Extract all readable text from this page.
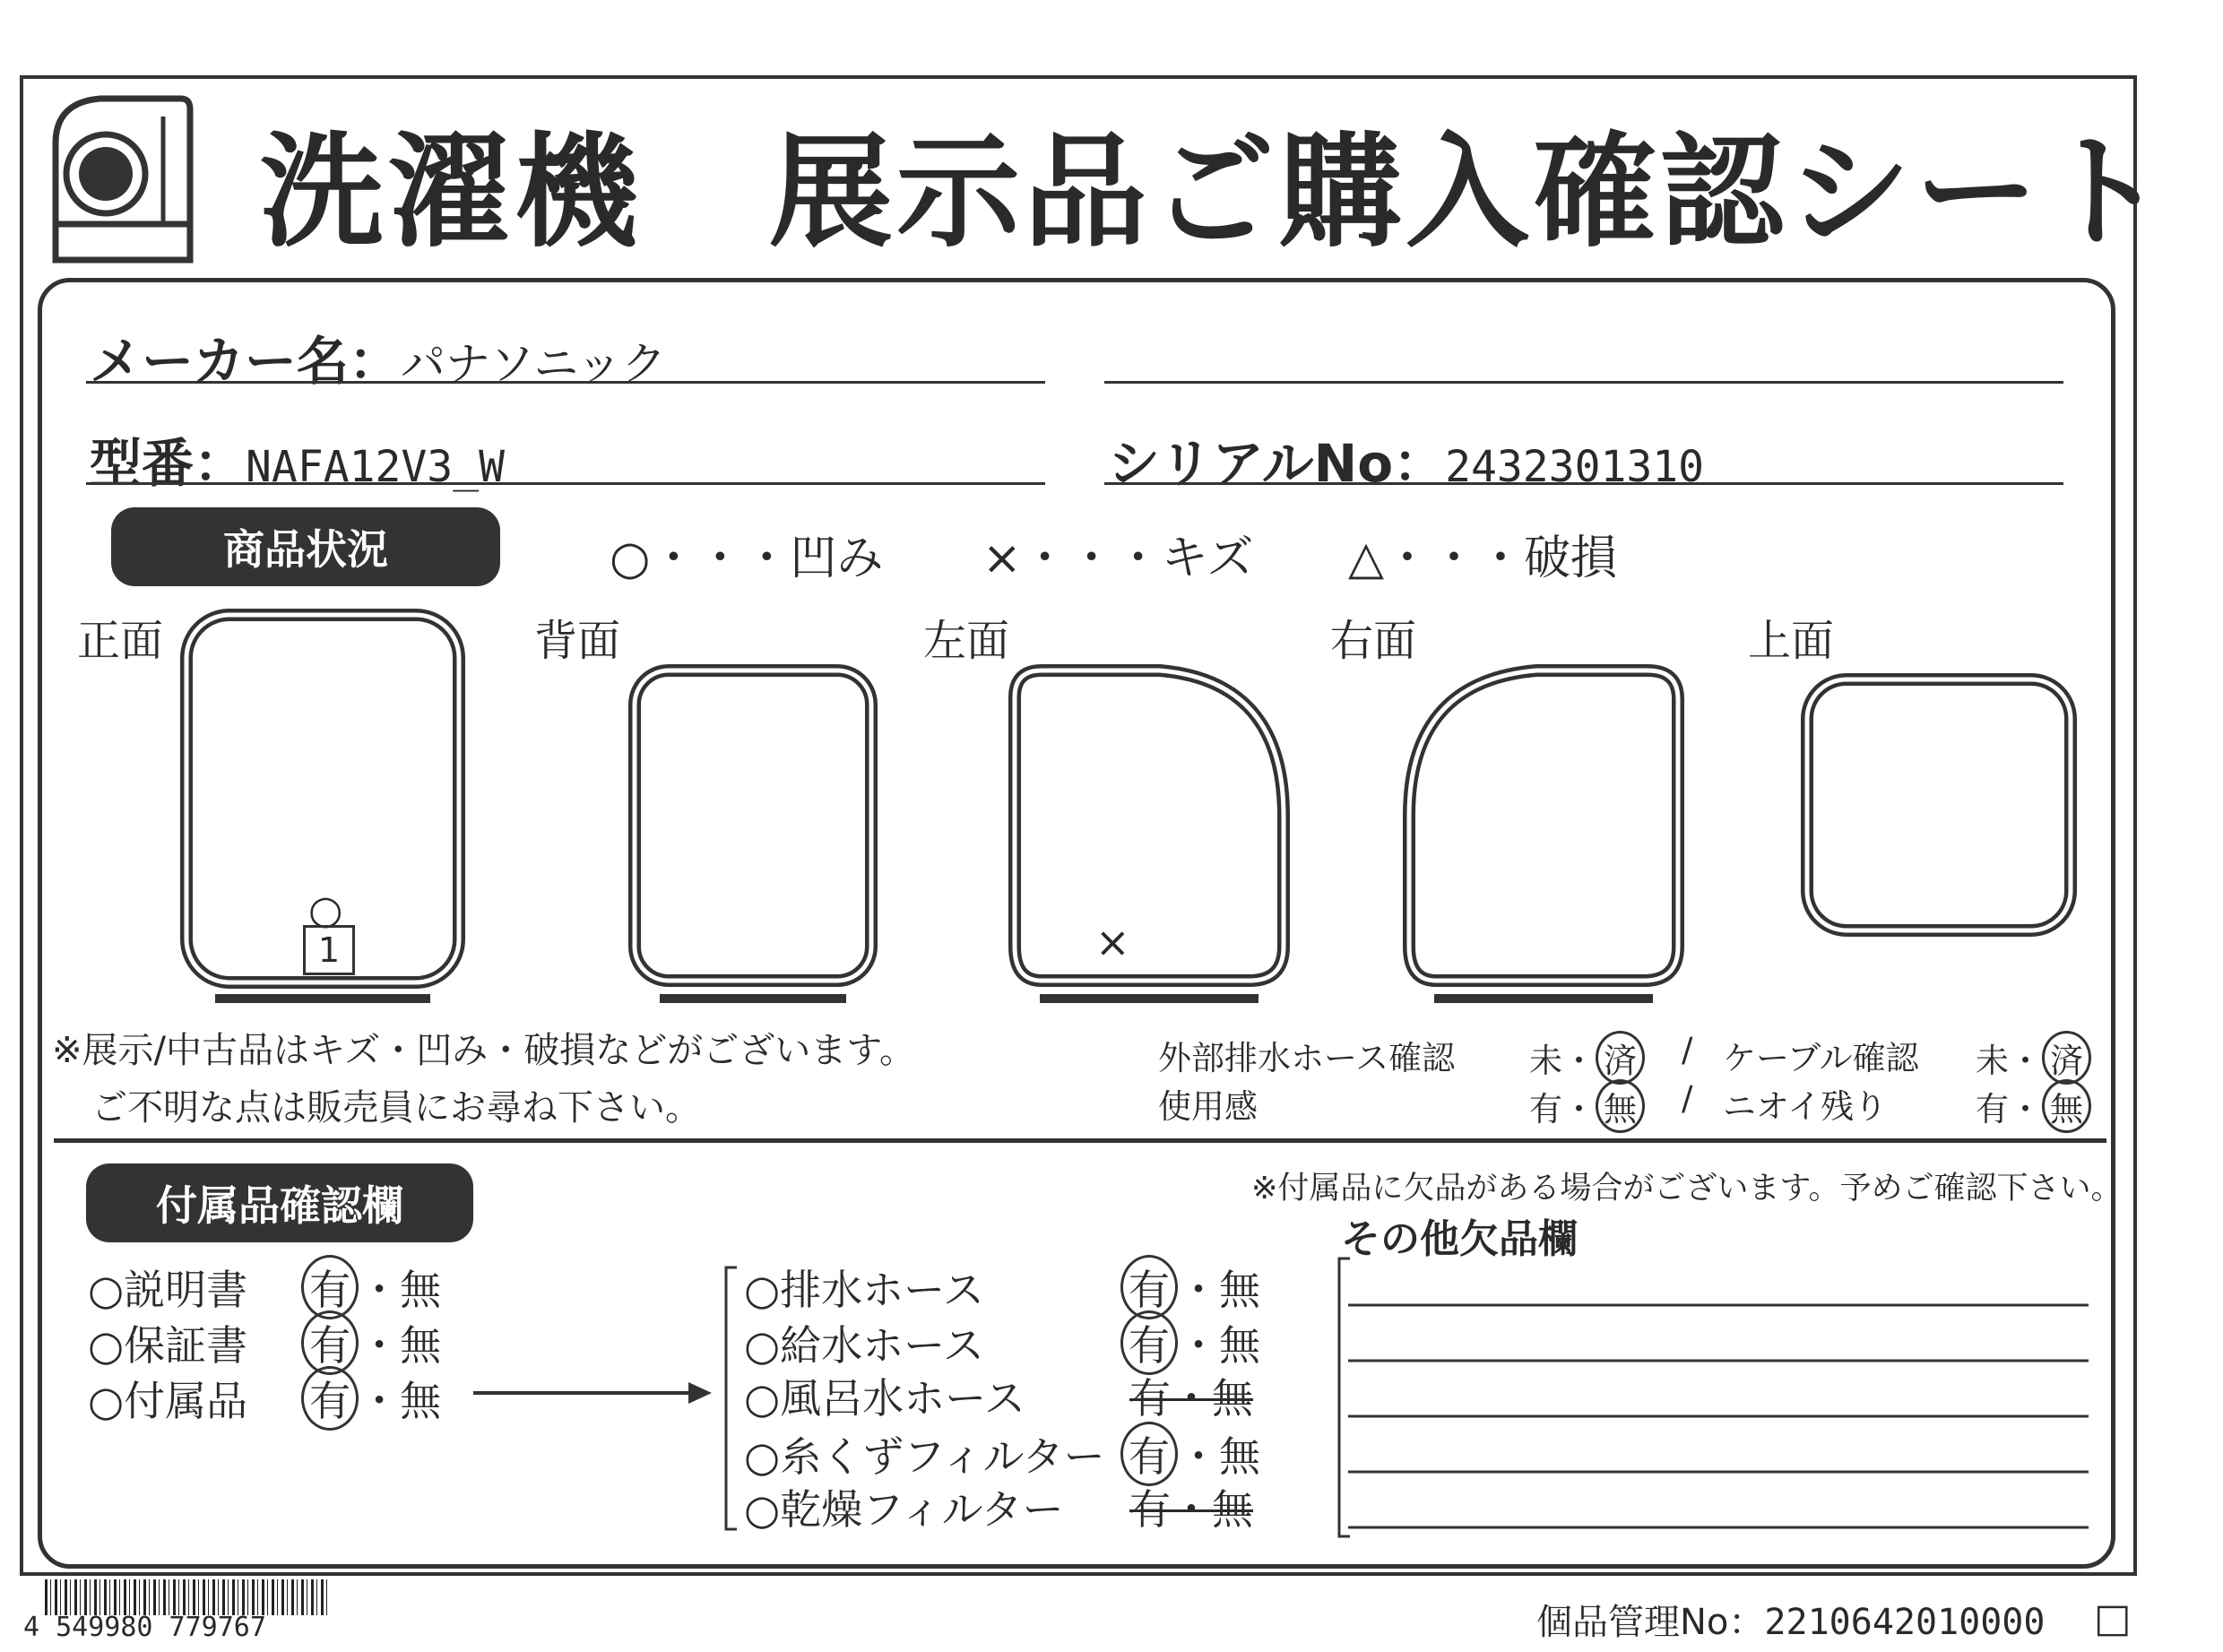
洗濯機　展示品ご購入確認シート
メーカー名：パナソニック
型番：NAFA12V3_W	シリアルNo：2432301310
商品状況	○・・・凹み ×・・・キズ △・・・破損
正面	背面	左面	右面	上面
○
1	×
※展示/中古品はキズ・凹み・破損などがございます。
ご不明な点は販売員にお尋ね下さい。
外部排水ホース確認 未・ 済 / ケーブル確認 未・ 済
使用感	有・ 無 / ニオイ残り	有・ 無
付属品確認欄	※付属品に欠品がある場合がございます。予めご確認下さい。
その他欠品欄
○説明書 有 ・無
○保証書 有 ・無
○付属品 有 ・無
○排水ホース	有 ・無
○給水ホース	有 ・無
○風呂水ホース	有・無
○糸くずフィルター 有 ・無
○乾燥フィルター 有・無
4 549980 779767	個品管理No：2210642010000 □
